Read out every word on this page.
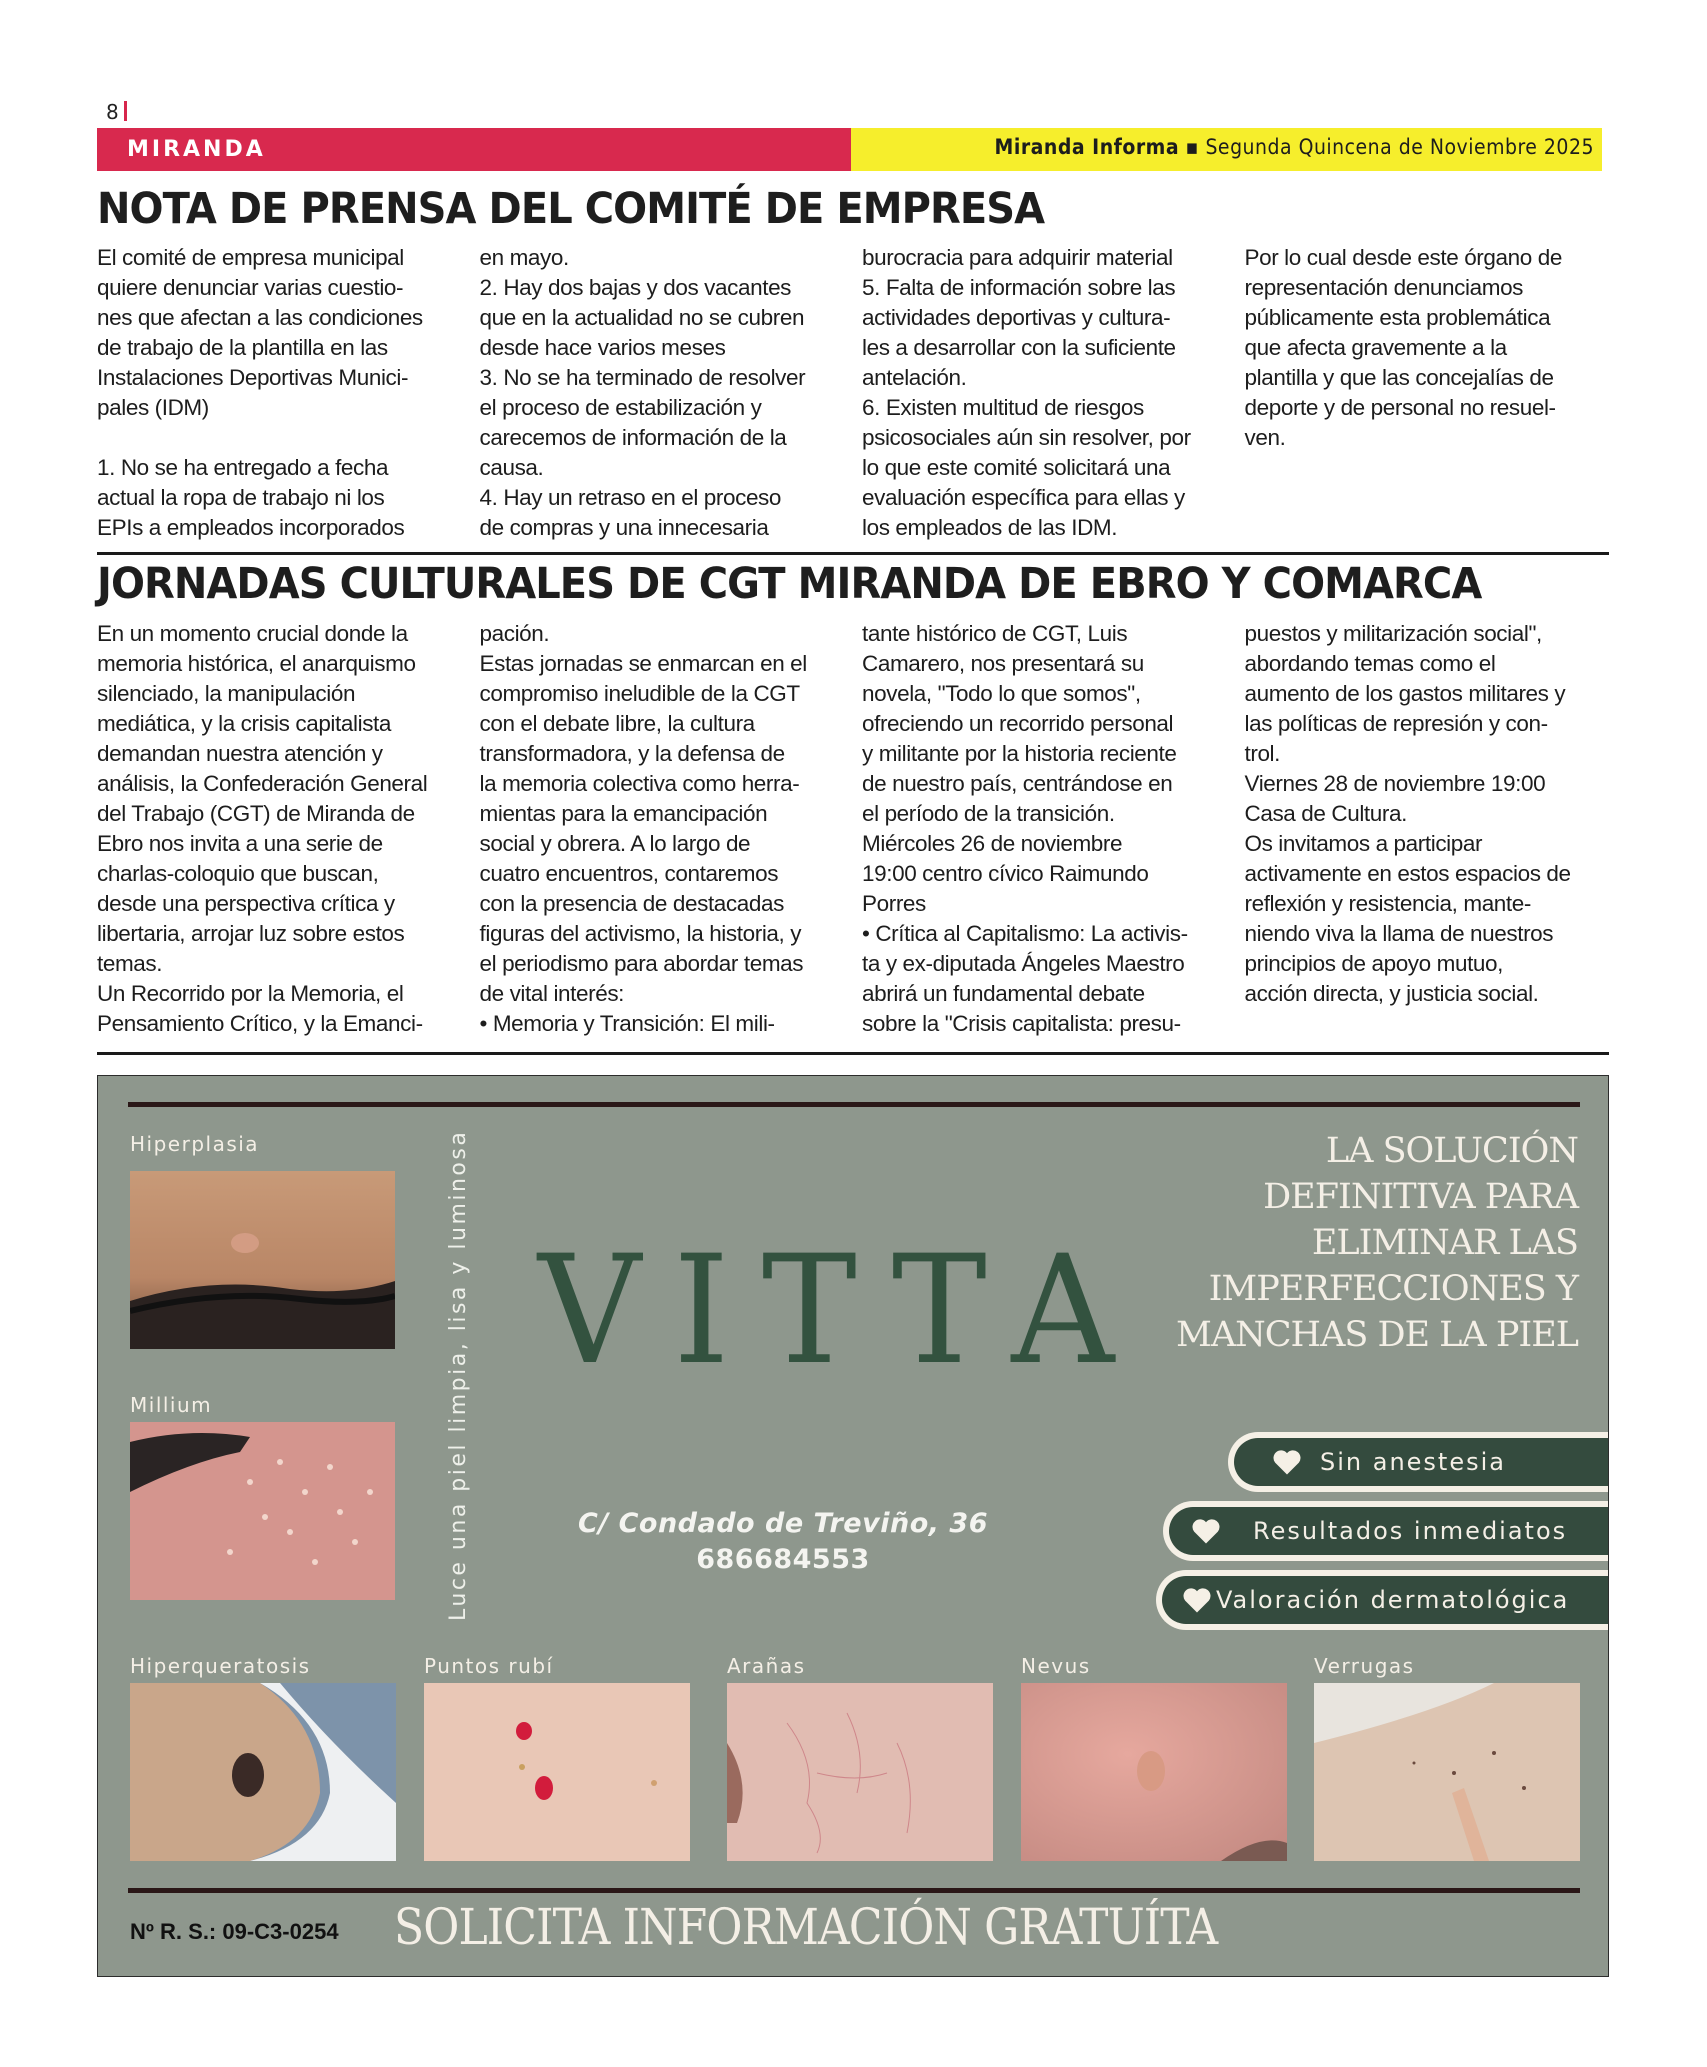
8
MIRANDA	Miranda Informa ▪ Segunda Quincena de Noviembre 2025
NOTA DE PRENSA DEL COMITÉ DE EMPRESA
El comité de empresa municipal
quiere denunciar varias cuestio-
nes que afectan a las condiciones
de trabajo de la plantilla en las
Instalaciones Deportivas Munici-
pales (IDM)

1. No se ha entregado a fecha
actual la ropa de trabajo ni los
EPIs a empleados incorporados
en mayo.
2. Hay dos bajas y dos vacantes
que en la actualidad no se cubren
desde hace varios meses
3. No se ha terminado de resolver
el proceso de estabilización y
carecemos de información de la
causa.
4. Hay un retraso en el proceso
de compras y una innecesaria
burocracia para adquirir material
5. Falta de información sobre las
actividades deportivas y cultura-
les a desarrollar con la suficiente
antelación.
6. Existen multitud de riesgos
psicosociales aún sin resolver, por
lo que este comité solicitará una
evaluación específica para ellas y
los empleados de las IDM.
Por lo cual desde este órgano de
representación denunciamos
públicamente esta problemática
que afecta gravemente a la
plantilla y que las concejalías de
deporte y de personal no resuel-
ven.
JORNADAS CULTURALES DE CGT MIRANDA DE EBRO Y COMARCA
En un momento crucial donde la
memoria histórica, el anarquismo
silenciado, la manipulación
mediática, y la crisis capitalista
demandan nuestra atención y
análisis, la Confederación General
del Trabajo (CGT) de Miranda de
Ebro nos invita a una serie de
charlas-coloquio que buscan,
desde una perspectiva crítica y
libertaria, arrojar luz sobre estos
temas.
Un Recorrido por la Memoria, el
Pensamiento Crítico, y la Emanci-
pación.
Estas jornadas se enmarcan en el
compromiso ineludible de la CGT
con el debate libre, la cultura
transformadora, y la defensa de
la memoria colectiva como herra-
mientas para la emancipación
social y obrera. A lo largo de
cuatro encuentros, contaremos
con la presencia de destacadas
figuras del activismo, la historia, y
el periodismo para abordar temas
de vital interés:
• Memoria y Transición: El mili-
tante histórico de CGT, Luis
Camarero, nos presentará su
novela, "Todo lo que somos",
ofreciendo un recorrido personal
y militante por la historia reciente
de nuestro país, centrándose en
el período de la transición.
Miércoles 26 de noviembre
19:00 centro cívico Raimundo
Porres
• Crítica al Capitalismo: La activis-
ta y ex-diputada Ángeles Maestro
abrirá un fundamental debate
sobre la "Crisis capitalista: presu-
puestos y militarización social",
abordando temas como el
aumento de los gastos militares y
las políticas de represión y con-
trol.
Viernes 28 de noviembre 19:00
Casa de Cultura.
Os invitamos a participar
activamente en estos espacios de
reflexión y resistencia, mante-
niendo viva la llama de nuestros
principios de apoyo mutuo,
acción directa, y justicia social.
Hiperplasia
Millium	Luce una piel limpia, lisa y luminosa VITTA
LA SOLUCIÓN
DEFINITIVA PARA
ELIMINAR LAS
IMPERFECCIONES Y
MANCHAS DE LA PIEL
Sin anestesia
Resultados inmediatos
Valoración dermatológica
C/ Condado de Treviño, 36
686684553
Hiperqueratosis	Puntos rubí	Arañas	Nevus	Verrugas
Nº R. S.: 09-C3-0254 SOLICITA INFORMACIÓN GRATUÍTA
